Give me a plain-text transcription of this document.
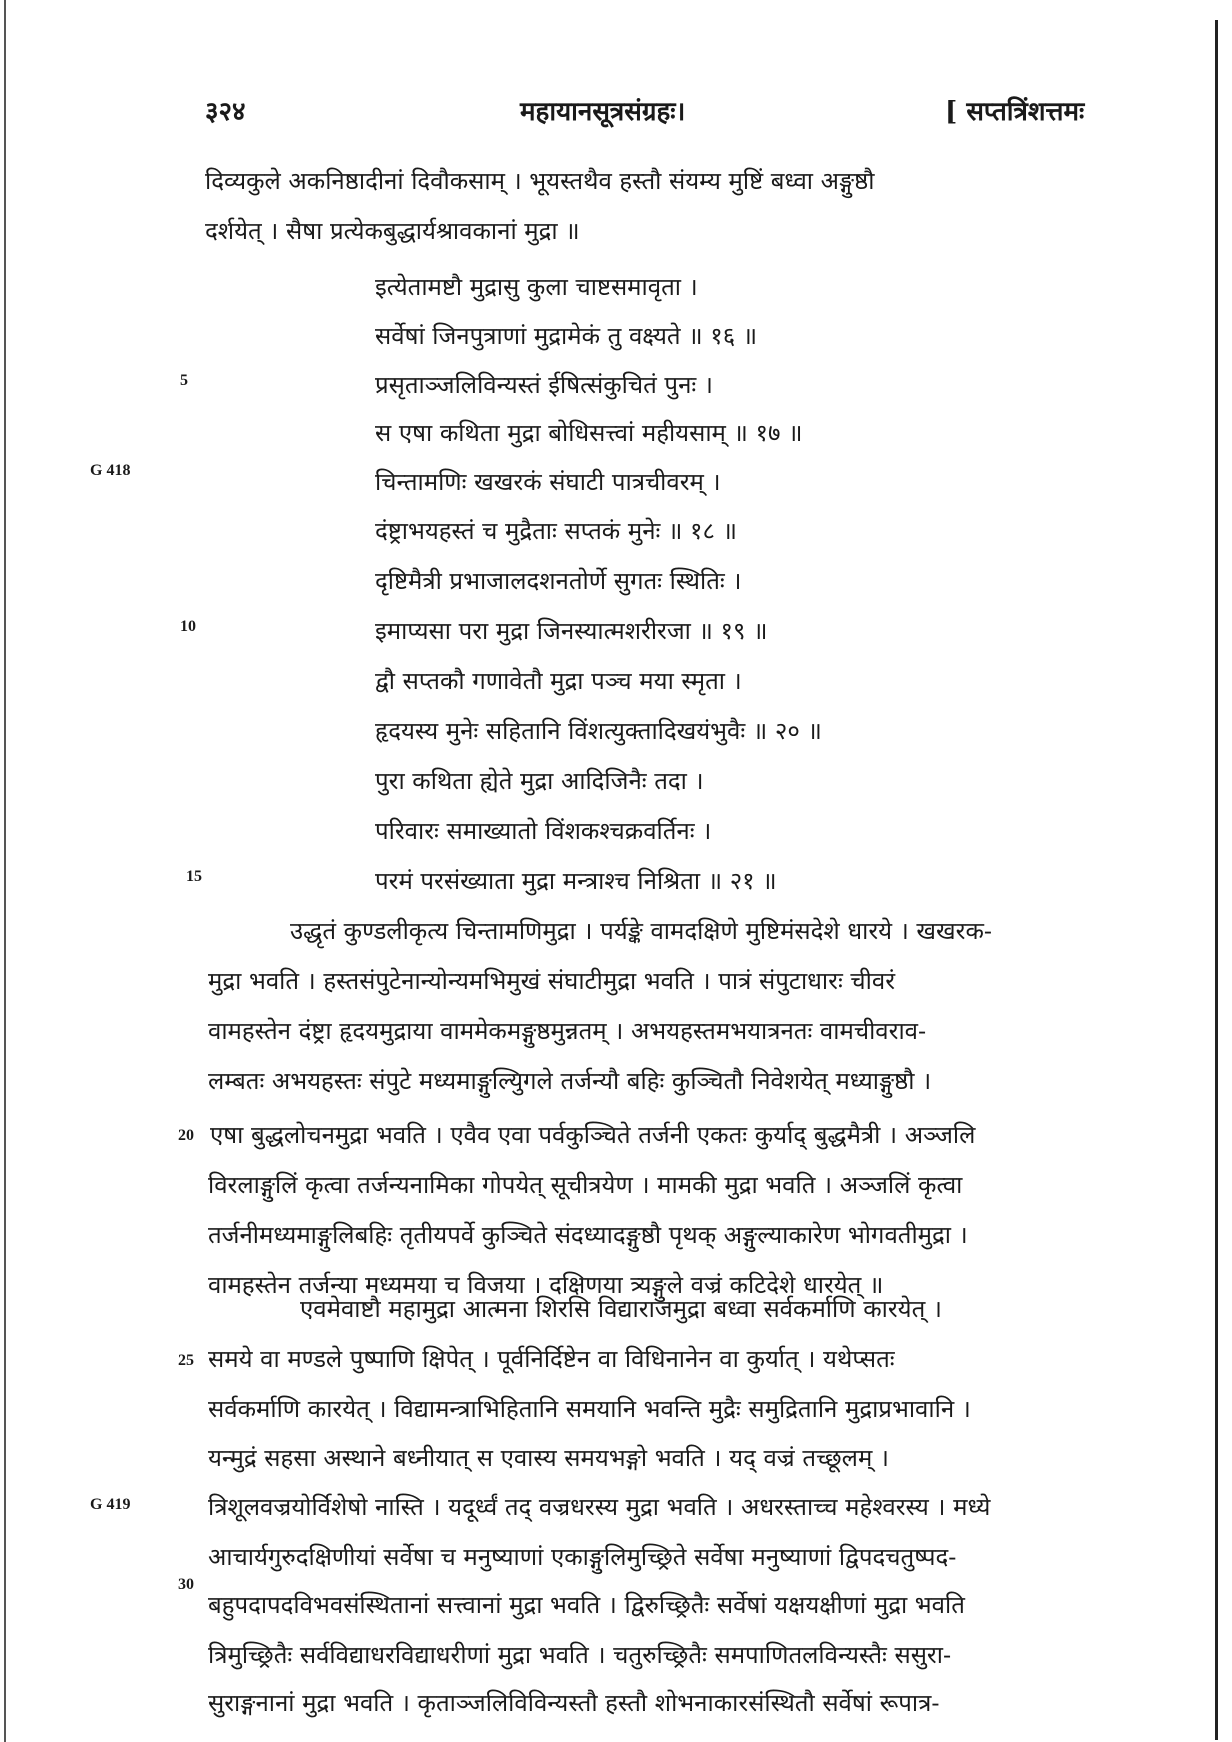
३२४	महायानसूत्रसंग्रहः।	[ सप्तत्रिंशत्तमः
5
G 418
10
15
20
25
G 419
30
दिव्यकुले अकनिष्ठादीनां दिवौकसाम् । भूयस्तथैव हस्तौ संयम्य मुष्टिं बध्वा अङ्गुष्ठौ
दर्शयेत् । सैषा प्रत्येकबुद्धार्यश्रावकानां मुद्रा ॥
इत्येतामष्टौ मुद्रासु कुला चाष्टसमावृता ।
सर्वेषां जिनपुत्राणां मुद्रामेकं तु वक्ष्यते ॥ १६ ॥
प्रसृताञ्जलिविन्यस्तं ईषित्संकुचितं पुनः ।
स एषा कथिता मुद्रा बोधिसत्त्वां महीयसाम् ॥ १७ ॥
चिन्तामणिः खखरकं संघाटी पात्रचीवरम् ।
दंष्ट्राभयहस्तं च मुद्रैताः सप्तकं मुनेः ॥ १८ ॥
दृष्टिमैत्री प्रभाजालदशनतोर्णे सुगतः स्थितिः ।
इमाप्यसा परा मुद्रा जिनस्यात्मशरीरजा ॥ १९ ॥
द्वौ सप्तकौ गणावेतौ मुद्रा पञ्च मया स्मृता ।
हृदयस्य मुनेः सहितानि विंशत्युक्तादिखयंभुवैः ॥ २० ॥
पुरा कथिता ह्येते मुद्रा आदिजिनैः तदा ।
परिवारः समाख्यातो विंशकश्चक्रवर्तिनः ।
परमं परसंख्याता मुद्रा मन्त्राश्च निश्रिता ॥ २१ ॥
उद्धृतं कुण्डलीकृत्य चिन्तामणिमुद्रा । पर्यङ्के वामदक्षिणे मुष्टिमंसदेशे धारये । खखरक-
मुद्रा भवति । हस्तसंपुटेनान्योन्यमभिमुखं संघाटीमुद्रा भवति । पात्रं संपुटाधारः चीवरं
वामहस्तेन दंष्ट्रा हृदयमुद्राया वाममेकमङ्गुष्ठमुन्नतम् । अभयहस्तमभयात्रनतः वामचीवराव-
लम्बतः अभयहस्तः संपुटे मध्यमाङ्गुल्यिुगले तर्जन्यौ बहिः कुञ्चितौ निवेशयेत् मध्याङ्गुष्ठौ ।
एषा बुद्धलोचनमुद्रा भवति । एवैव एवा पर्वकुञ्चिते तर्जनी एकतः कुर्याद् बुद्धमैत्री । अञ्जलि
विरलाङ्गुलिं कृत्वा तर्जन्यनामिका गोपयेत् सूचीत्रयेण । मामकी मुद्रा भवति । अञ्जलिं कृत्वा
तर्जनीमध्यमाङ्गुलिबहिः तृतीयपर्वे कुञ्चिते संदध्यादङ्गुष्ठौ पृथक् अङ्गुल्याकारेण भोगवतीमुद्रा ।
वामहस्तेन तर्जन्या मध्यमया च विजया । दक्षिणया त्र्यङ्गुले वज्रं कटिदेशे धारयेत् ॥
एवमेवाष्टौ महामुद्रा आत्मना शिरसि विद्याराजमुद्रा बध्वा सर्वकर्माणि कारयेत् ।
समये वा मण्डले पुष्पाणि क्षिपेत् । पूर्वनिर्दिष्टेन वा विधिनानेन वा कुर्यात् । यथेप्सतः
सर्वकर्माणि कारयेत् । विद्यामन्त्राभिहितानि समयानि भवन्ति मुद्रैः समुद्रितानि मुद्राप्रभावानि ।
यन्मुद्रं सहसा अस्थाने बध्नीयात् स एवास्य समयभङ्गो भवति । यद् वज्रं तच्छूलम् ।
त्रिशूलवज्रयोर्विशेषो नास्ति । यदूर्ध्वं तद् वज्रधरस्य मुद्रा भवति । अधरस्ताच्च महेश्वरस्य । मध्ये
आचार्यगुरुदक्षिणीयां सर्वेषा च मनुष्याणां एकाङ्गुलिमुच्छ्रिते सर्वेषा मनुष्याणां द्विपदचतुष्पद-
बहुपदापदविभवसंस्थितानां सत्त्वानां मुद्रा भवति । द्विरुच्छ्रितैः सर्वेषां यक्षयक्षीणां मुद्रा भवति
त्रिमुच्छ्रितैः सर्वविद्याधरविद्याधरीणां मुद्रा भवति । चतुरुच्छ्रितैः समपाणितलविन्यस्तैः ससुरा-
सुराङ्गनानां मुद्रा भवति । कृताञ्जलिविविन्यस्तौ हस्तौ शोभनाकारसंस्थितौ सर्वेषां रूपात्र-
